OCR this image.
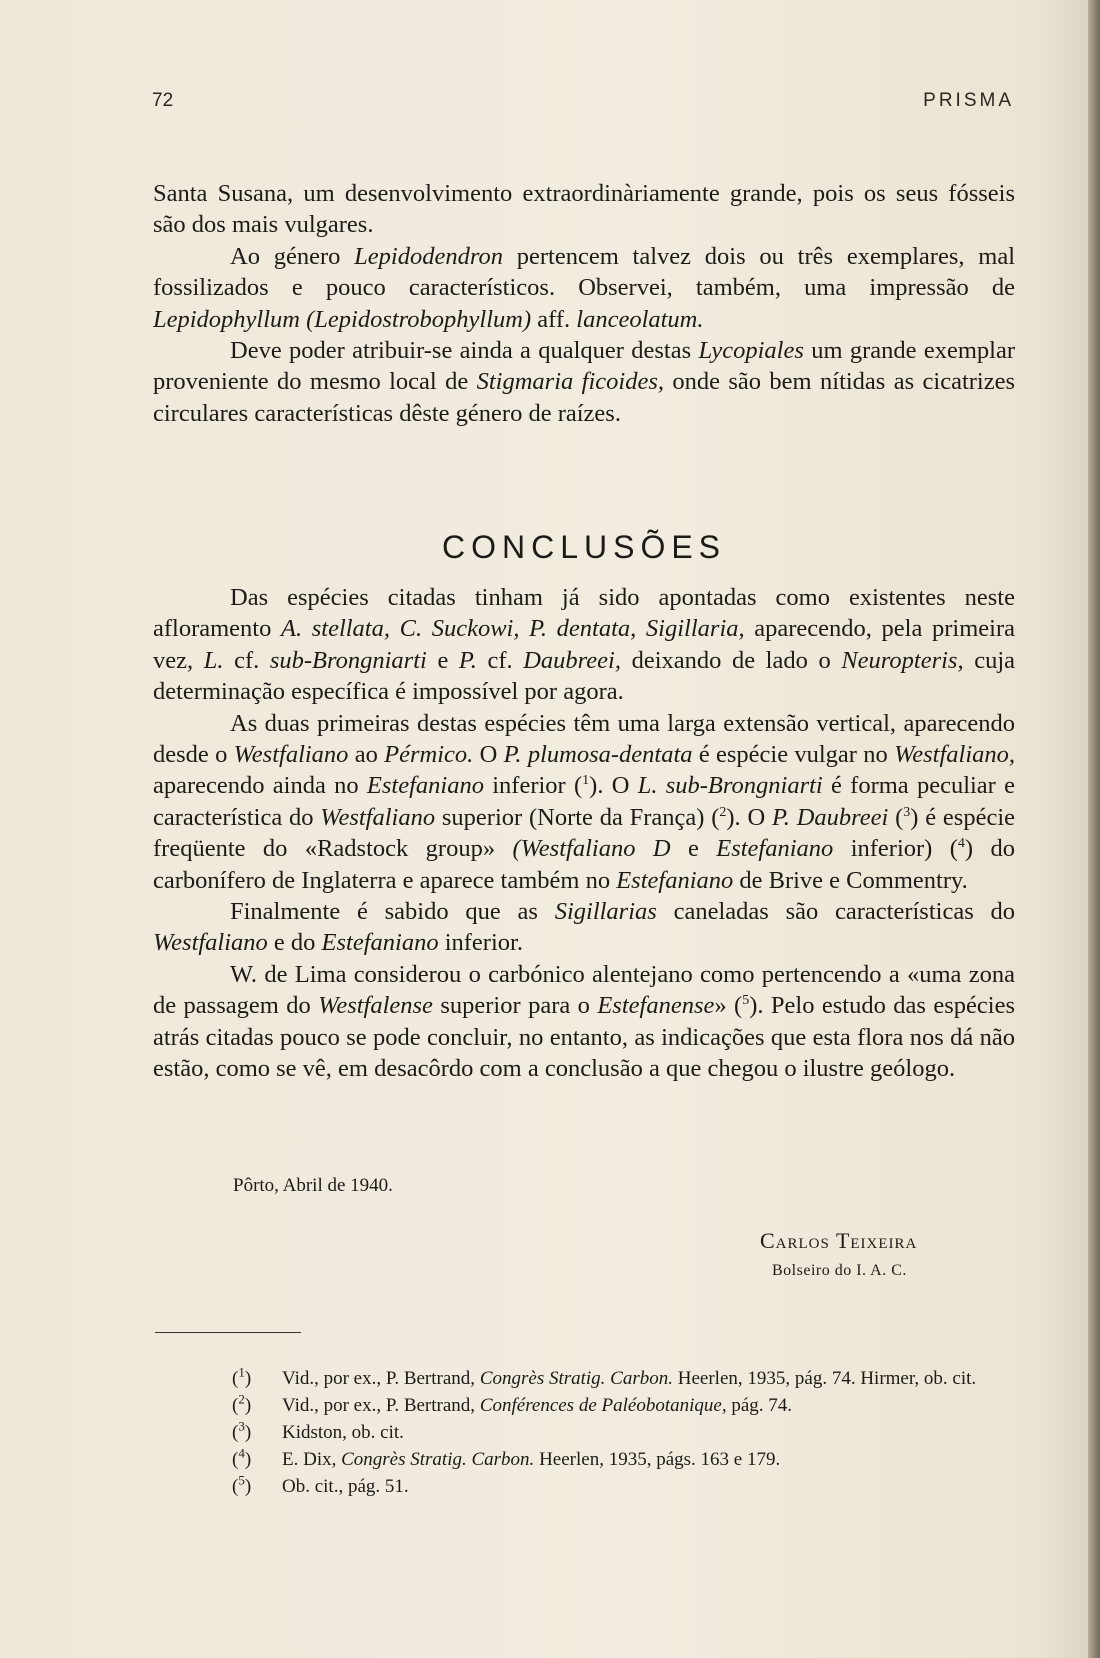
72	PRISMA

Santa Susana, um desenvolvimento extraordinàriamente grande, pois os seus fósseis são dos mais vulgares.

Ao género Lepidodendron pertencem talvez dois ou três exemplares, mal fossilizados e pouco característicos. Observei, também, uma impressão de Lepidophyllum (Lepidostrobophyllum) aff. lanceolatum.

Deve poder atribuir-se ainda a qualquer destas Lycopiales um grande exemplar proveniente do mesmo local de Stigmaria ficoides, onde são bem nítidas as cicatrizes circulares características dêste género de raízes.

CONCLUSÕES

Das espécies citadas tinham já sido apontadas como existentes neste afloramento A. stellata, C. Suckowi, P. dentata, Sigillaria, aparecendo, pela primeira vez, L. cf. sub-Brongniarti e P. cf. Daubreei, deixando de lado o Neuropteris, cuja determinação específica é impossível por agora.

As duas primeiras destas espécies têm uma larga extensão vertical, aparecendo desde o Westfaliano ao Pérmico. O P. plumosa-dentata é espécie vulgar no Westfaliano, aparecendo ainda no Estefaniano inferior ($^1$). O L. sub-Brongniarti é forma peculiar e característica do Westfaliano superior (Norte da França) ($^2$). O P. Daubreei ($^3$) é espécie freqüente do «Radstock group» (Westfaliano D e Estefaniano inferior) ($^4$) do carbonífero de Inglaterra e aparece também no Estefaniano de Brive e Commentry.

Finalmente é sabido que as Sigillarias caneladas são características do Westfaliano e do Estefaniano inferior.

W. de Lima considerou o carbónico alentejano como pertencendo a «uma zona de passagem do Westfalense superior para o Estefanense» ($^5$). Pelo estudo das espécies atrás citadas pouco se pode concluir, no entanto, as indicações que esta flora nos dá não estão, como se vê, em desacôrdo com a conclusão a que chegou o ilustre geólogo.

Pôrto, Abril de 1940.
Carlos Teixeira
Bolseiro do I. A. C.
($^1$) Vid., por ex., P. Bertrand, Congrès Stratig. Carbon. Heerlen, 1935, pág. 74. Hirmer, ob. cit.
($^2$) Vid., por ex., P. Bertrand, Conférences de Paléobotanique, pág. 74.
($^3$) Kidston, ob. cit.
($^4$) E. Dix, Congrès Stratig. Carbon. Heerlen, 1935, págs. 163 e 179.
($^5$) Ob. cit., pág. 51.
